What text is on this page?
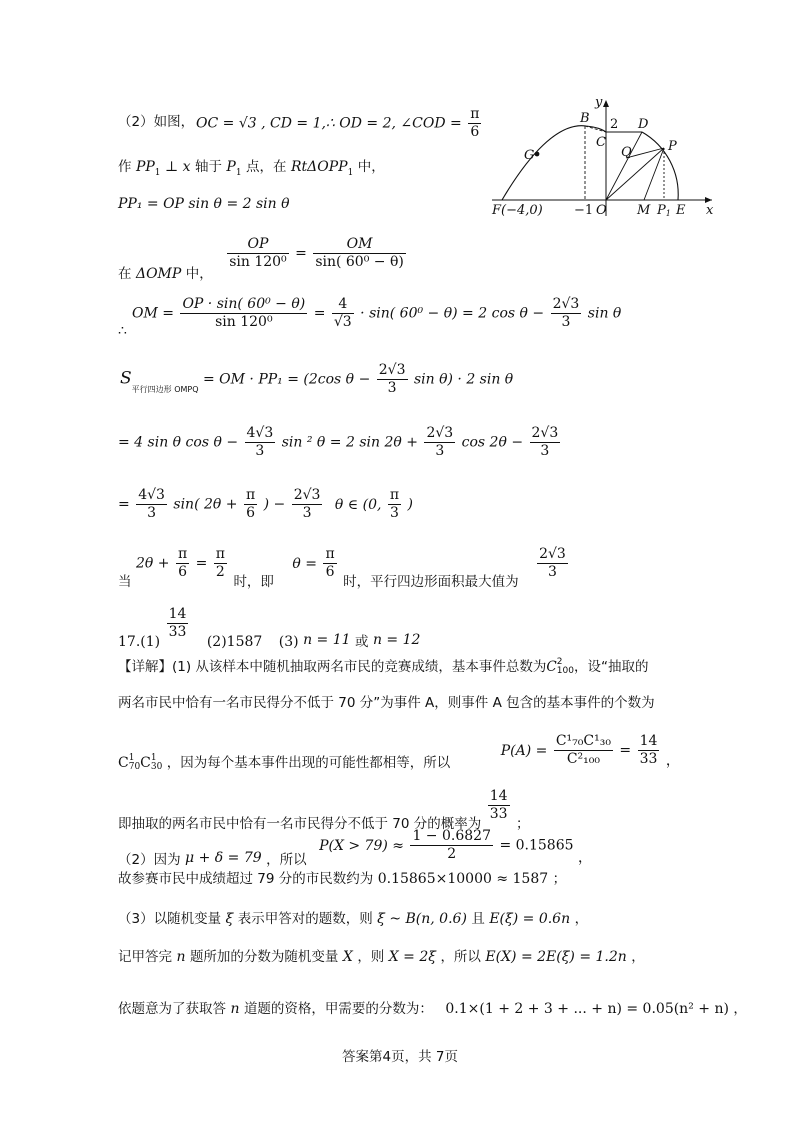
（2）如图， OC = √3 , CD = 1,∴ OD = 2, ∠COD = $\frac{\pi}{6}$
作 $PP_1$ ⊥ x 轴于 $P_1$ 点，在 RtΔOPP$_1$ 中，
PP₁ = OP sin θ = 2 sin θ
在 ΔOMP 中，
$\frac{OP}{\text{sin 120⁰}} = \frac{OM}{\text{sin( 60⁰ − θ)}}$
∴
OM = $\frac{\text{OP · sin( 60⁰ − θ)}}{\text{sin 120⁰}} = \frac{4}{√3} \cdot \sin$( 60⁰ − θ) = 2 $\cos \theta - \frac{2√3}{3}$ sin θ
$S_{平行四边形 OMPQ}$ = OM · PP₁ = (2cos $\theta - \frac{2√3}{3}$ sin θ) · 2 sin θ
= 4 sin θ $\cos \theta - \frac{4√3}{3}$ sin ² θ = 2 $\sin 2\theta + \frac{2√3}{3}$ $\cos 2\theta - \frac{2√3}{3}$
= $\frac{4√3}{3} \sin$( $2\theta + \frac{\pi}{6}$ ) − $\frac{2√3}{3}$ θ ∈ (0, $\frac{\pi}{3}$ )
当 $2\theta + \frac{\pi}{6} = \frac{\pi}{2}$
时，即 $\theta = \frac{\pi}{6}$
时，平行四边形面积最大值为
$\frac{2√3}{3}$
17.(1)
$\frac{14}{33}$
(2)1587 (3) n = 11 或 n = 12
【详解】(1) 从该样本中随机抽取两名市民的竞赛成绩，基本事件总数为C 2
100 ，设“抽取的
两名市民中恰有一名市民得分不低于 70 分”为事件 A，则事件 A 包含的基本事件的个数为
C 1
70 C 1
30 ，因为每个基本事件出现的可能性都相等，所以 $P(A) = \frac{\text{C¹₇₀C¹₃₀}}{\text{C²₁₀₀}} = \frac{14}{33}$ ，
即抽取的两名市民中恰有一名市民得分不低于 70 分的概率为
$\frac{14}{33}$
；
（2）因为 μ + δ = 79 ，所以 $P(X > 79) \approx \frac{1 - 0.6827}{2} = 0.15865$ ，
故参赛市民中成绩超过 79 分的市民数约为 0.15865×10000 ≈ 1587 ；
（3）以随机变量 ξ 表示甲答对的题数，则 ξ ~ B(n, 0.6) 且 E(ξ) = 0.6n ，
记甲答完 n 题所加的分数为随机变量 X ，则 X = 2ξ ，所以 E(X) = 2E(ξ) = 1.2n ，
依题意为了获取答 n 道题的资格，甲需要的分数为： 0.1×(1 + 2 + 3 + ... + n) = 0.05(n² + n) ，
答案第4页，共 7页
y
x
B 2 D
C
Q	P
G
F(−4,0) −1 O M P1 E
